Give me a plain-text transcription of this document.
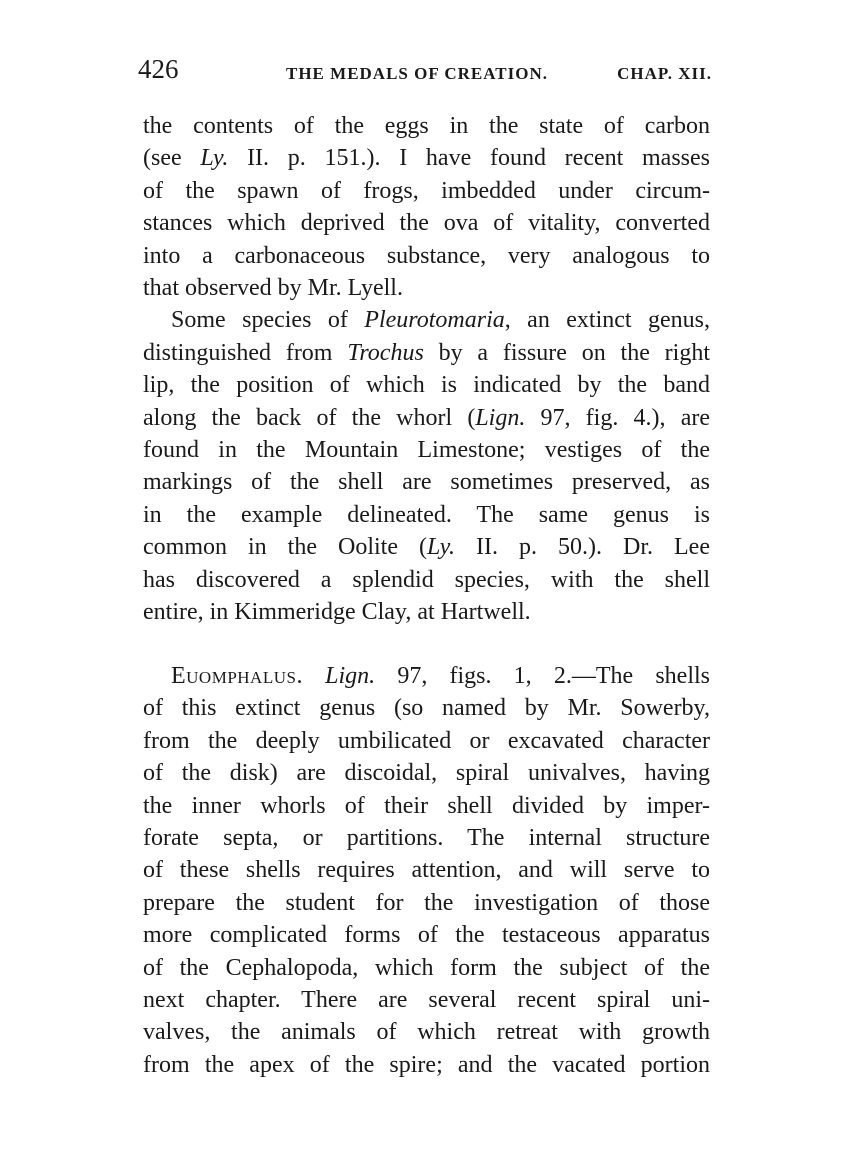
426	THE MEDALS OF CREATION.	CHAP. XII.
the contents of the eggs in the state of carbon
(see Ly. II. p. 151.). I have found recent masses
of the spawn of frogs, imbedded under circum-
stances which deprived the ova of vitality, converted
into a carbonaceous substance, very analogous to
that observed by Mr. Lyell.
Some species of Pleurotomaria, an extinct genus,
distinguished from Trochus by a fissure on the right
lip, the position of which is indicated by the band
along the back of the whorl (Lign. 97, fig. 4.), are
found in the Mountain Limestone; vestiges of the
markings of the shell are sometimes preserved, as
in the example delineated. The same genus is
common in the Oolite (Ly. II. p. 50.). Dr. Lee
has discovered a splendid species, with the shell
entire, in Kimmeridge Clay, at Hartwell.
Euomphalus. Lign. 97, figs. 1, 2.—The shells
of this extinct genus (so named by Mr. Sowerby,
from the deeply umbilicated or excavated character
of the disk) are discoidal, spiral univalves, having
the inner whorls of their shell divided by imper-
forate septa, or partitions. The internal structure
of these shells requires attention, and will serve to
prepare the student for the investigation of those
more complicated forms of the testaceous apparatus
of the Cephalopoda, which form the subject of the
next chapter. There are several recent spiral uni-
valves, the animals of which retreat with growth
from the apex of the spire; and the vacated portion
